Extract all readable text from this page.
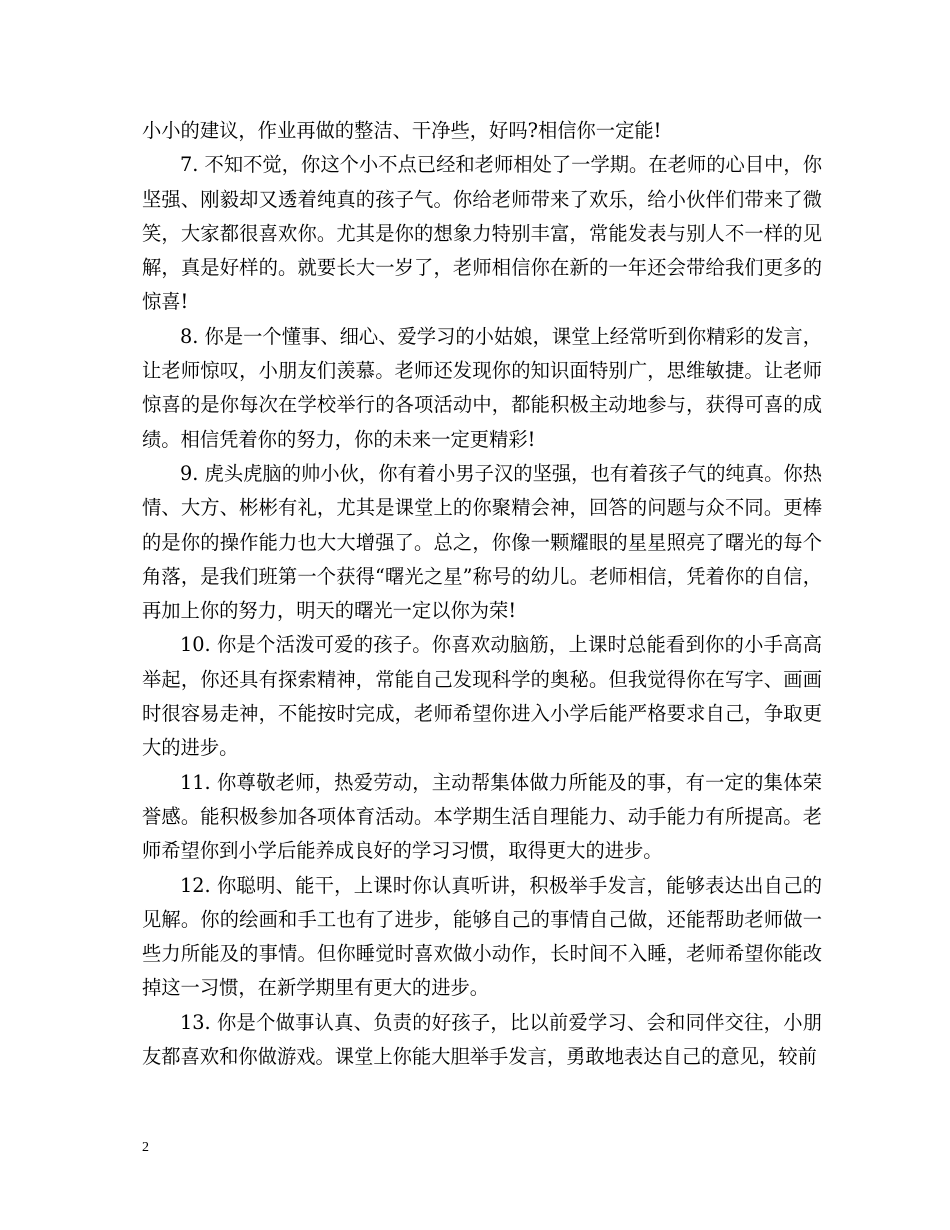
小小的建议，作业再做的整洁、干净些，好吗?相信你一定能!

7. 不知不觉，你这个小不点已经和老师相处了一学期。在老师的心目中，你坚强、刚毅却又透着纯真的孩子气。你给老师带来了欢乐，给小伙伴们带来了微笑，大家都很喜欢你。尤其是你的想象力特别丰富，常能发表与别人不一样的见解，真是好样的。就要长大一岁了，老师相信你在新的一年还会带给我们更多的惊喜!

8. 你是一个懂事、细心、爱学习的小姑娘，课堂上经常听到你精彩的发言，让老师惊叹，小朋友们羡慕。老师还发现你的知识面特别广，思维敏捷。让老师惊喜的是你每次在学校举行的各项活动中，都能积极主动地参与，获得可喜的成绩。相信凭着你的努力，你的未来一定更精彩!

9. 虎头虎脑的帅小伙，你有着小男子汉的坚强，也有着孩子气的纯真。你热情、大方、彬彬有礼，尤其是课堂上的你聚精会神，回答的问题与众不同。更棒的是你的操作能力也大大增强了。总之，你像一颗耀眼的星星照亮了曙光的每个角落，是我们班第一个获得“曙光之星”称号的幼儿。老师相信，凭着你的自信，再加上你的努力，明天的曙光一定以你为荣!

10. 你是个活泼可爱的孩子。你喜欢动脑筋，上课时总能看到你的小手高高举起，你还具有探索精神，常能自己发现科学的奥秘。但我觉得你在写字、画画时很容易走神，不能按时完成，老师希望你进入小学后能严格要求自己，争取更大的进步。

11. 你尊敬老师，热爱劳动，主动帮集体做力所能及的事，有一定的集体荣誉感。能积极参加各项体育活动。本学期生活自理能力、动手能力有所提高。老师希望你到小学后能养成良好的学习习惯，取得更大的进步。

12. 你聪明、能干，上课时你认真听讲，积极举手发言，能够表达出自己的见解。你的绘画和手工也有了进步，能够自己的事情自己做，还能帮助老师做一些力所能及的事情。但你睡觉时喜欢做小动作，长时间不入睡，老师希望你能改掉这一习惯，在新学期里有更大的进步。

13. 你是个做事认真、负责的好孩子，比以前爱学习、会和同伴交往，小朋友都喜欢和你做游戏。课堂上你能大胆举手发言，勇敢地表达自己的意见，较前

2
